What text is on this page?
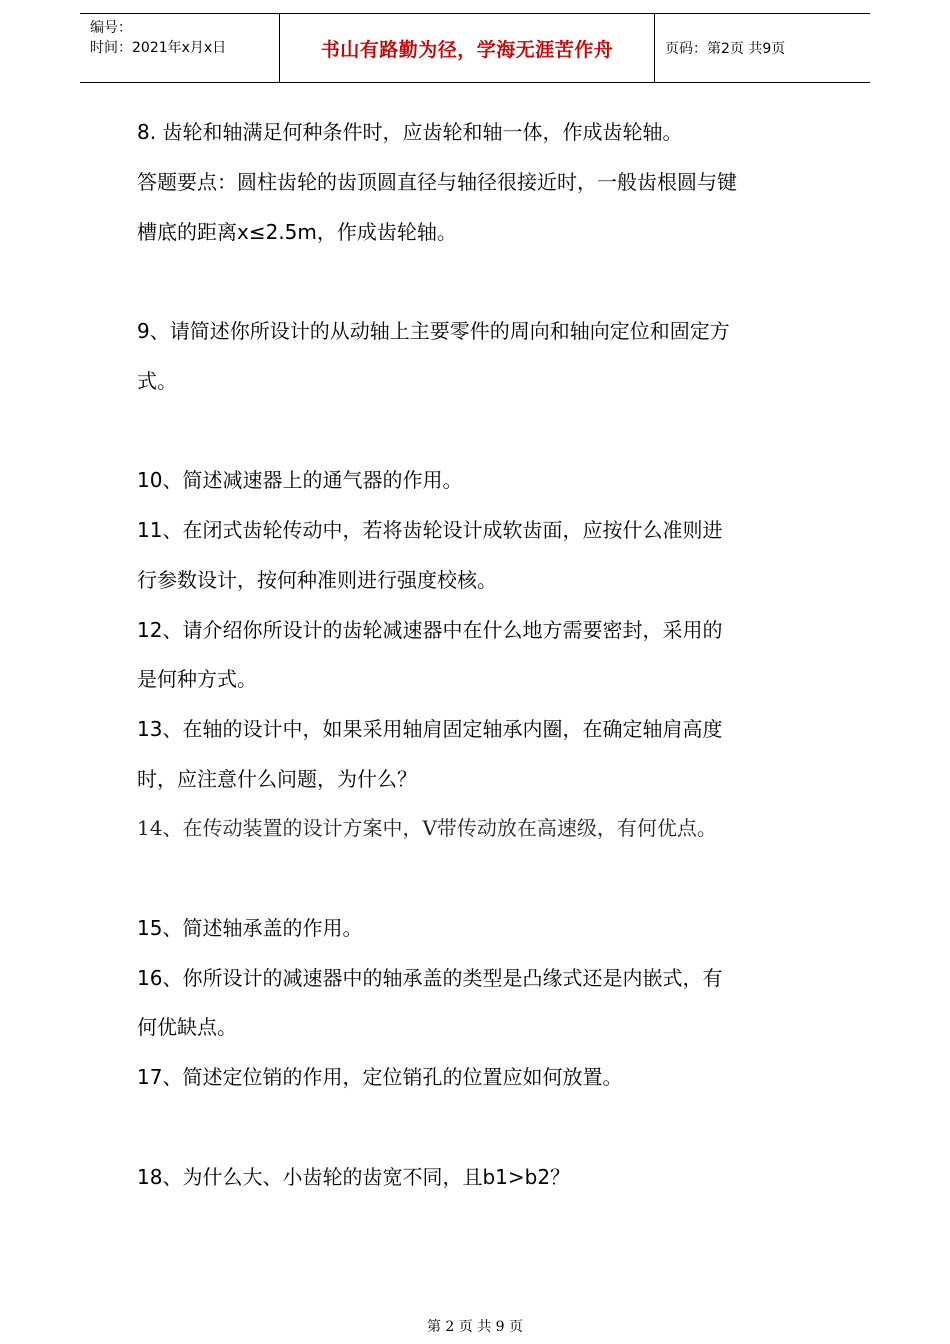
编号：
时间：2021年x月x日	书山有路勤为径，学海无涯苦作舟	页码：第2页 共9页
8. 齿轮和轴满足何种条件时，应齿轮和轴一体，作成齿轮轴。
答题要点：圆柱齿轮的齿顶圆直径与轴径很接近时，一般齿根圆与键
槽底的距离x≤2.5m，作成齿轮轴。
9、请简述你所设计的从动轴上主要零件的周向和轴向定位和固定方
式。
10、简述减速器上的通气器的作用。
11、在闭式齿轮传动中，若将齿轮设计成软齿面，应按什么准则进
行参数设计，按何种准则进行强度校核。
12、请介绍你所设计的齿轮减速器中在什么地方需要密封，采用的
是何种方式。
13、在轴的设计中，如果采用轴肩固定轴承内圈，在确定轴肩高度
时，应注意什么问题，为什么？
14、在传动装置的设计方案中，V带传动放在高速级，有何优点。
15、简述轴承盖的作用。
16、你所设计的减速器中的轴承盖的类型是凸缘式还是内嵌式，有
何优缺点。
17、简述定位销的作用，定位销孔的位置应如何放置。
18、为什么大、小齿轮的齿宽不同，且b1>b2？
第 2 页 共 9 页
